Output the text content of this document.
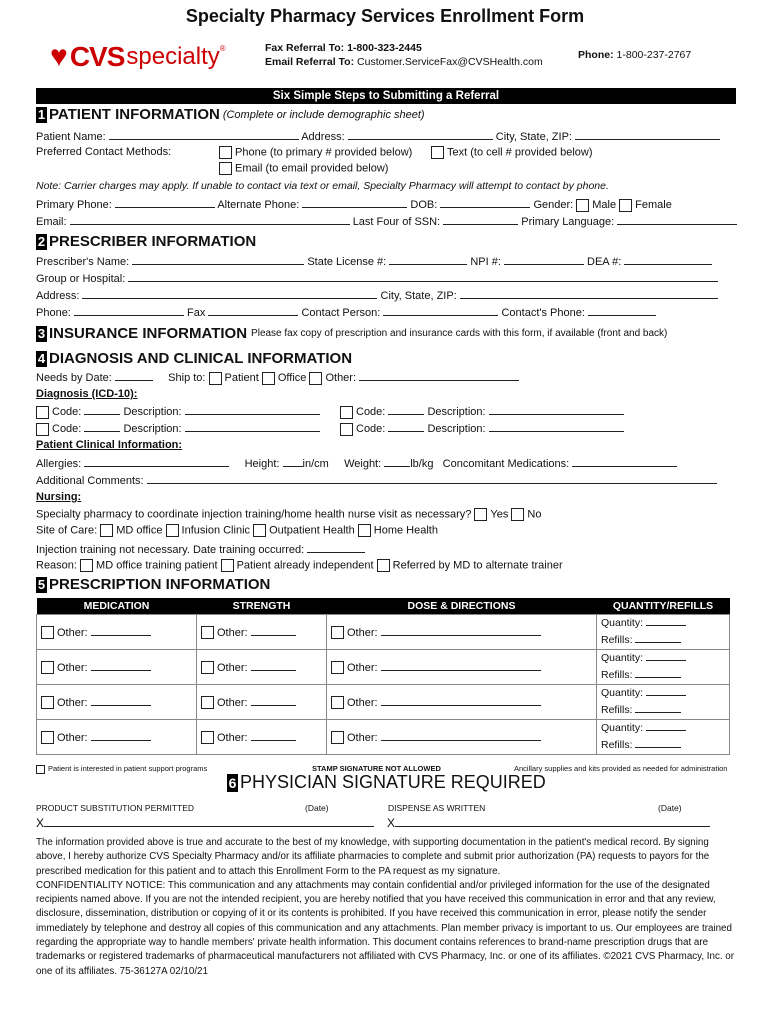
Specialty Pharmacy Services Enrollment Form
♥ CVS specialty ®	Fax Referral To: 1-800-323-2445
Email Referral To: Customer.ServiceFax@CVSHealth.com
Phone: 1-800-237-2767
Six Simple Steps to Submitting a Referral
1 PATIENT INFORMATION (Complete or include demographic sheet)
Patient Name:	Address:	City, State, ZIP:
Preferred Contact Methods:	Phone (to primary # provided below)	Text (to cell # provided below)
Email (to email provided below)
Note: Carrier charges may apply. If unable to contact via text or email, Specialty Pharmacy will attempt to contact by phone.
Primary Phone:	Alternate Phone:	DOB:	Gender: Male Female
Email:	Last Four of SSN:	Primary Language:
2 PRESCRIBER INFORMATION
Prescriber's Name:	State License #:	NPI #:	DEA #:
Group or Hospital:
Address:	City, State, ZIP:
Phone:	Fax	Contact Person:	Contact's Phone:
3 INSURANCE INFORMATION Please fax copy of prescription and insurance cards with this form, if available (front and back)
4 DIAGNOSIS AND CLINICAL INFORMATION
Needs by Date:	Ship to: Patient Office Other:
Diagnosis (ICD-10):
Code:	Description:	Code:	Description:
Code:	Description:	Code:	Description:
Patient Clinical Information:
Allergies:	Height: in/cm Weight:	lb/kg Concomitant Medications:
Additional Comments:
Nursing:
Specialty pharmacy to coordinate injection training/home health nurse visit as necessary? Yes No
Site of Care: MD office Infusion Clinic Outpatient Health Home Health
Injection training not necessary. Date training occurred:
Reason: MD office training patient Patient already independent Referred by MD to alternate trainer
5 PRESCRIPTION INFORMATION
MEDICATION	STRENGTH	DOSE & DIRECTIONS	QUANTITY/REFILLS
Other:	Other:	Other:	Quantity:
Refills:
Other:	Other:	Other:	Quantity:
Refills:
Other:	Other:	Other:	Quantity:
Refills:
Other:	Other:	Other:	Quantity:
Refills:
Patient is interested in patient support programs	STAMP SIGNATURE NOT ALLOWED	Ancillary supplies and kits provided as needed for administration
6 PHYSICIAN SIGNATURE REQUIRED
PRODUCT SUBSTITUTION PERMITTED	(Date)	DISPENSE AS WRITTEN	(Date)
X	X
The information provided above is true and accurate to the best of my knowledge, with supporting documentation in the patient's medical record. By signing above, I hereby authorize CVS Specialty Pharmacy and/or its affiliate pharmacies to complete and submit prior authorization (PA) requests to payors for the prescribed medication for this patient and to attach this Enrollment Form to the PA request as my signature.
CONFIDENTIALITY NOTICE: This communication and any attachments may contain confidential and/or privileged information for the use of the designated recipients named above. If you are not the intended recipient, you are hereby notified that you have received this communication in error and that any review, disclosure, dissemination, distribution or copying of it or its contents is prohibited. If you have received this communication in error, please notify the sender immediately by telephone and destroy all copies of this communication and any attachments. Plan member privacy is important to us. Our employees are trained regarding the appropriate way to handle members' private health information. This document contains references to brand-name prescription drugs that are trademarks or registered trademarks of pharmaceutical manufacturers not affiliated with CVS Pharmacy, Inc. or one of its affiliates. ©2021 CVS Pharmacy, Inc. or one of its affiliates. 75-36127A 02/10/21
